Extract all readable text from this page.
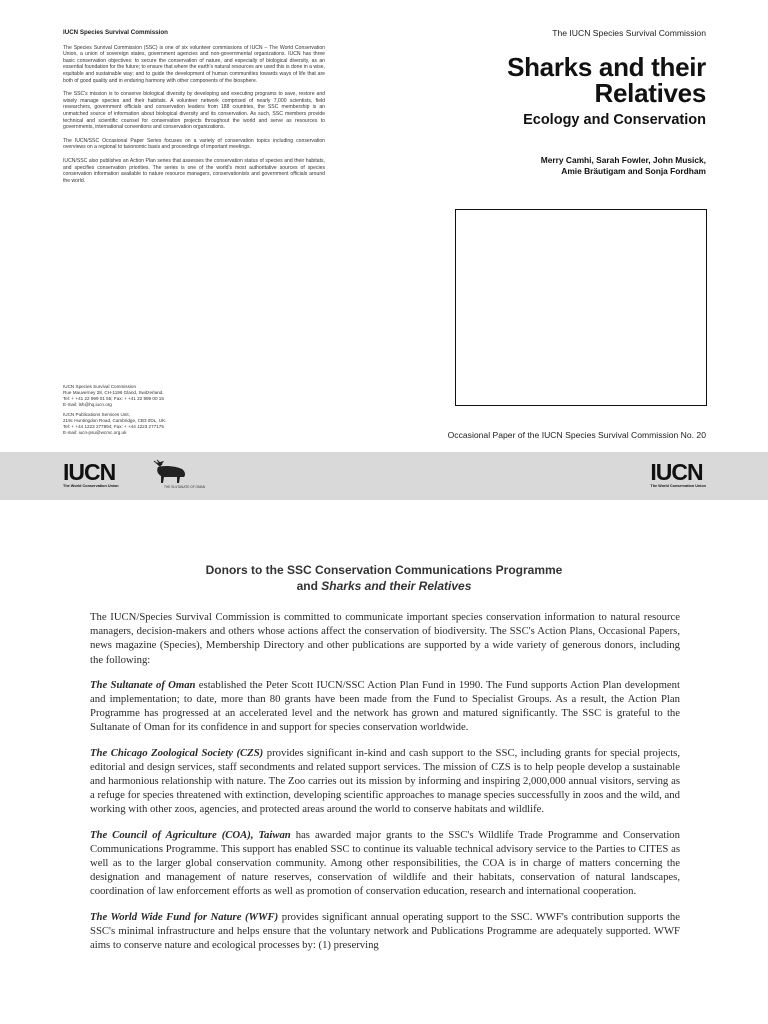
IUCN Species Survival Commission

The Species Survival Commission (SSC) is one of six volunteer commissions of IUCN – The World Conservation Union, a union of sovereign states, government agencies and non-governmental organizations. IUCN has three basic conservation objectives: to secure the conservation of nature, and especially of biological diversity, as an essential foundation for the future; to ensure that where the earth's natural resources are used this is done in a wise, equitable and sustainable way; and to guide the development of human communities towards ways of life that are both of good quality and in enduring harmony with other components of the biosphere.

The SSC's mission is to conserve biological diversity by developing and executing programs to save, restore and wisely manage species and their habitats. A volunteer network comprised of nearly 7,000 scientists, field researchers, government officials and conservation leaders from 188 countries, the SSC membership is an unmatched source of information about biological diversity and its conservation. As such, SSC members provide technical and scientific counsel for conservation projects throughout the world and serve as resources to governments, international conventions and conservation organizations.

The IUCN/SSC Occasional Paper Series focuses on a variety of conservation topics including conservation overviews on a regional to taxonomic basis and proceedings of important meetings.

IUCN/SSC also publishes an Action Plan series that assesses the conservation status of species and their habitats, and specifies conservation priorities. The series is one of the world's most authoritative sources of species conservation information available to nature resource managers, conservationists and government officials around the world.

IUCN Species Survival Commission
Rue Mauverney 28, CH-1196 Gland, Switzerland.
Tel: + +41 22 999 01 55; Fax: + +41 22 999 00 15
E-mail: lsh@hq.iucn.org
IUCN Publications Services Unit,
219c Huntingdon Road, Cambridge, CB3 0DL, UK.
Tel: + +44 1223 277894; Fax: + +44 1223 277175
E-mail: iucn-psu@wcmc.org.uk
The IUCN Species Survival Commission
Sharks and their
Relatives
Ecology and Conservation
Merry Camhi, Sarah Fowler, John Musick,
Amie Bräutigam and Sonja Fordham
Occasional Paper of the IUCN Species Survival Commission No. 20
IUCN
The World Conservation Union	THE SULTANATE OF OMAN
IUCN
The World Conservation Union
Donors to the SSC Conservation Communications Programme
and Sharks and their Relatives

The IUCN/Species Survival Commission is committed to communicate important species conservation information to natural resource managers, decision-makers and others whose actions affect the conservation of biodiversity. The SSC's Action Plans, Occasional Papers, news magazine (Species), Membership Directory and other publications are supported by a wide variety of generous donors, including the following:

The Sultanate of Oman established the Peter Scott IUCN/SSC Action Plan Fund in 1990. The Fund supports Action Plan development and implementation; to date, more than 80 grants have been made from the Fund to Specialist Groups. As a result, the Action Plan Programme has progressed at an accelerated level and the network has grown and matured significantly. The SSC is grateful to the Sultanate of Oman for its confidence in and support for species conservation worldwide.

The Chicago Zoological Society (CZS) provides significant in-kind and cash support to the SSC, including grants for special projects, editorial and design services, staff secondments and related support services. The mission of CZS is to help people develop a sustainable and harmonious relationship with nature. The Zoo carries out its mission by informing and inspiring 2,000,000 annual visitors, serving as a refuge for species threatened with extinction, developing scientific approaches to manage species successfully in zoos and the wild, and working with other zoos, agencies, and protected areas around the world to conserve habitats and wildlife.

The Council of Agriculture (COA), Taiwan has awarded major grants to the SSC's Wildlife Trade Programme and Conservation Communications Programme. This support has enabled SSC to continue its valuable technical advisory service to the Parties to CITES as well as to the larger global conservation community. Among other responsibilities, the COA is in charge of matters concerning the designation and management of nature reserves, conservation of wildlife and their habitats, conservation of natural landscapes, coordination of law enforcement efforts as well as promotion of conservation education, research and international cooperation.

The World Wide Fund for Nature (WWF) provides significant annual operating support to the SSC. WWF's contribution supports the SSC's minimal infrastructure and helps ensure that the voluntary network and Publications Programme are adequately supported. WWF aims to conserve nature and ecological processes by: (1) preserving
